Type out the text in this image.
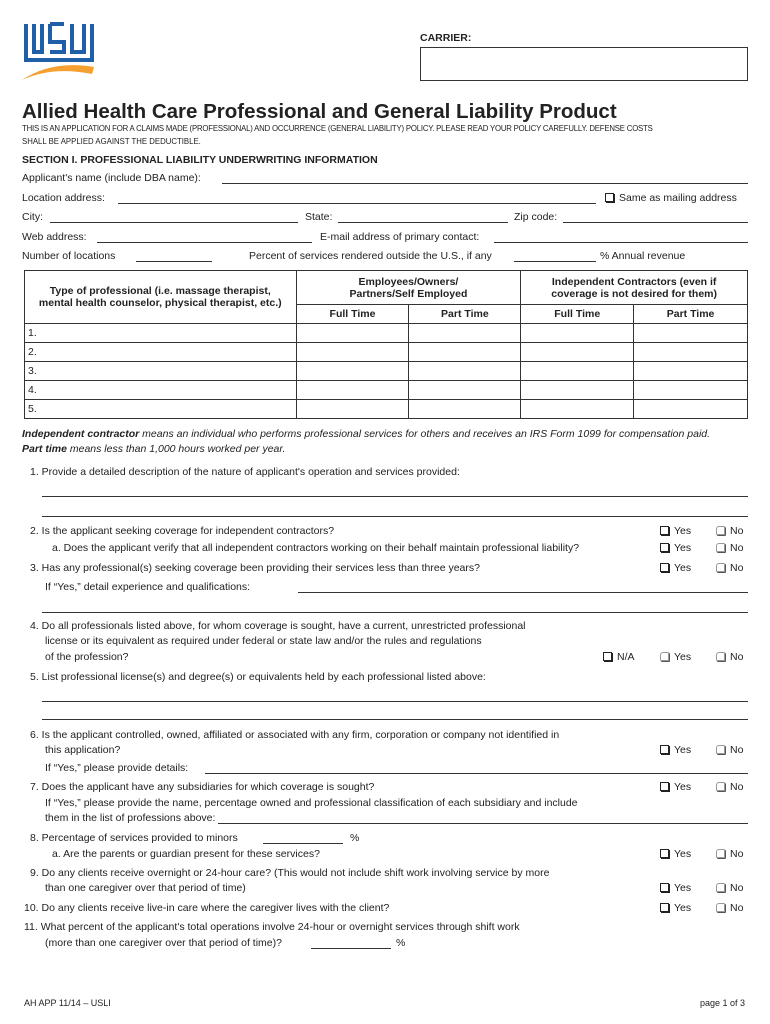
CARRIER:
Allied Health Care Professional and General Liability Product
THIS IS AN APPLICATION FOR A CLAIMS MADE (PROFESSIONAL) AND OCCURRENCE (GENERAL LIABILITY) POLICY. PLEASE READ YOUR POLICY CAREFULLY. DEFENSE COSTS
SHALL BE APPLIED AGAINST THE DEDUCTIBLE.
SECTION I. PROFESSIONAL LIABILITY UNDERWRITING INFORMATION
Applicant's name (include DBA name):
Location address:	Same as mailing address
City:	State:	Zip code:
Web address:	E-mail address of primary contact:
Number of locations	Percent of services rendered outside the U.S., if any	% Annual revenue
Type of professional (i.e. massage therapist,
mental health counselor, physical therapist, etc.)	Employees/Owners/
Partners/Self Employed		Independent Contractors (even if
coverage is not desired for them)	
	Full Time	Part Time	Full Time	Part Time
1.				
2.				
3.				
4.				
5.				
Independent contractor means an individual who performs professional services for others and receives an IRS Form 1099 for compensation paid.
Part time means less than 1,000 hours worked per year.
1. Provide a detailed description of the nature of applicant's operation and services provided:
2. Is the applicant seeking coverage for independent contractors?	Yes	No
a. Does the applicant verify that all independent contractors working on their behalf maintain professional liability?	Yes	No
3. Has any professional(s) seeking coverage been providing their services less than three years?	Yes	No
If “Yes,” detail experience and qualifications:
4. Do all professionals listed above, for whom coverage is sought, have a current, unrestricted professional
license or its equivalent as required under federal or state law and/or the rules and regulations
of the profession?	N/A	Yes	No
5. List professional license(s) and degree(s) or equivalents held by each professional listed above:
6. Is the applicant controlled, owned, affiliated or associated with any firm, corporation or company not identified in
this application?	Yes	No
If “Yes,” please provide details:
7. Does the applicant have any subsidiaries for which coverage is sought?	Yes	No
If “Yes,” please provide the name, percentage owned and professional classification of each subsidiary and include
them in the list of professions above:
8. Percentage of services provided to minors	%
a. Are the parents or guardian present for these services?	Yes	No
9. Do any clients receive overnight or 24-hour care? (This would not include shift work involving service by more
than one caregiver over that period of time)	Yes	No
10. Do any clients receive live-in care where the caregiver lives with the client?	Yes	No
11. What percent of the applicant's total operations involve 24-hour or overnight services through shift work
(more than one caregiver over that period of time)?	%
AH APP 11/14 – USLI	page 1 of 3
